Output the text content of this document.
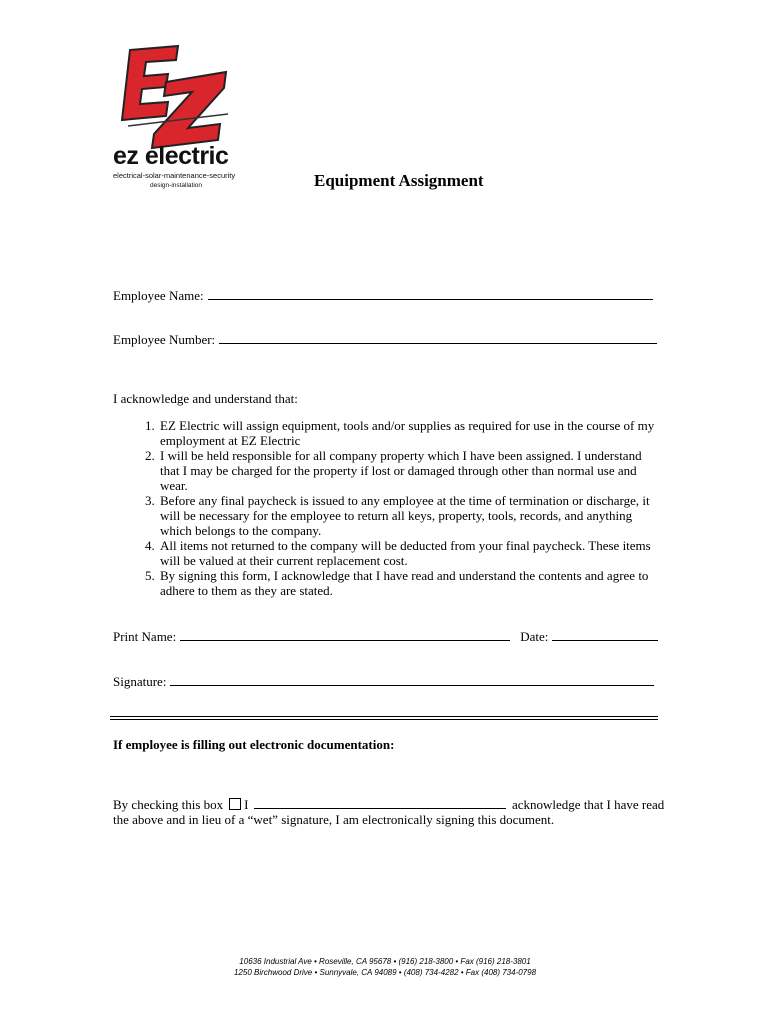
ez electric
electrical-solar-maintenance-security
design-installation	Equipment Assignment
Employee Name:
Employee Number:
I acknowledge and understand that:
1. EZ Electric will assign equipment, tools and/or supplies as required for use in the course of my employment at EZ Electric
2. I will be held responsible for all company property which I have been assigned. I understand that I may be charged for the property if lost or damaged through other than normal use and wear.
3. Before any final paycheck is issued to any employee at the time of termination or discharge, it will be necessary for the employee to return all keys, property, tools, records, and anything which belongs to the company.
4. All items not returned to the company will be deducted from your final paycheck. These items will be valued at their current replacement cost.
5. By signing this form, I acknowledge that I have read and understand the contents and agree to adhere to them as they are stated.
Print Name:	Date:
Signature:
If employee is filling out electronic documentation:
By checking this box I	acknowledge that I have read
the above and in lieu of a “wet” signature, I am electronically signing this document.
10636 Industrial Ave • Roseville, CA 95678 • (916) 218-3800 • Fax (916) 218-3801
1250 Birchwood Drive • Sunnyvale, CA 94089 • (408) 734-4282 • Fax (408) 734-0798
